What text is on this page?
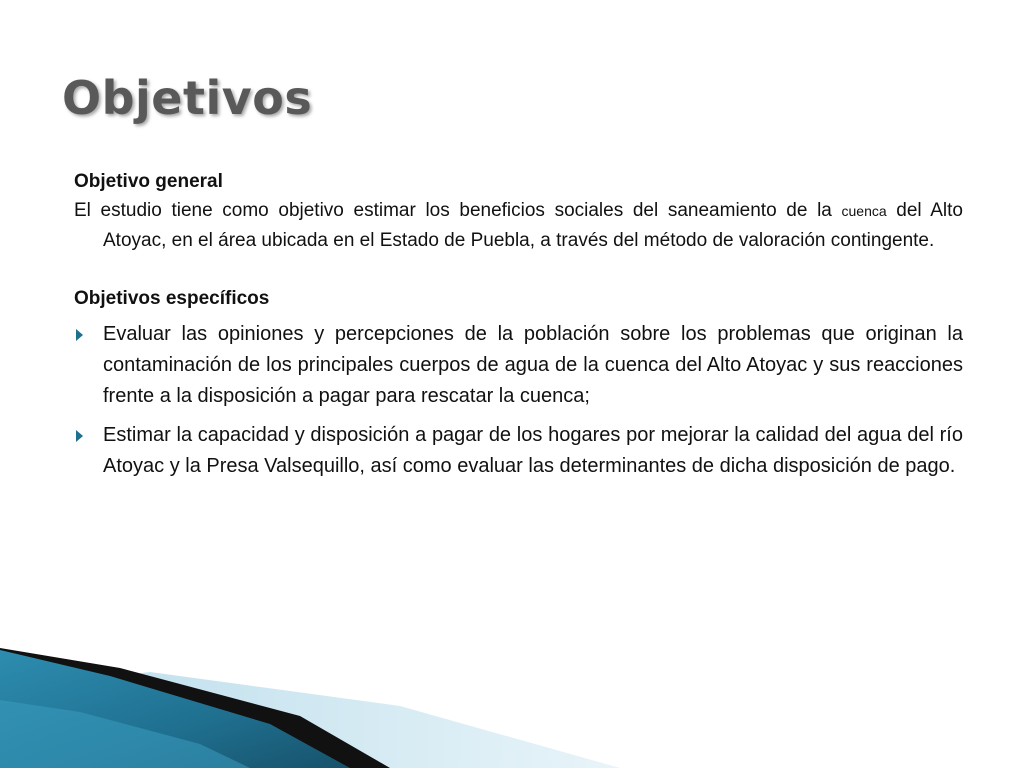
Objetivos

Objetivo general

El estudio tiene como objetivo estimar los beneficios sociales del saneamiento de la cuenca del Alto Atoyac, en el área ubicada en el Estado de Puebla, a través del método de valoración contingente.

Objetivos específicos

Evaluar las opiniones y percepciones de la población sobre los problemas que originan la contaminación de los principales cuerpos de agua de la cuenca del Alto Atoyac y sus reacciones frente a la disposición a pagar para rescatar la cuenca;
Estimar la capacidad y disposición a pagar de los hogares por mejorar la calidad del agua del río Atoyac y la Presa Valsequillo, así como evaluar las determinantes de dicha disposición de pago.
